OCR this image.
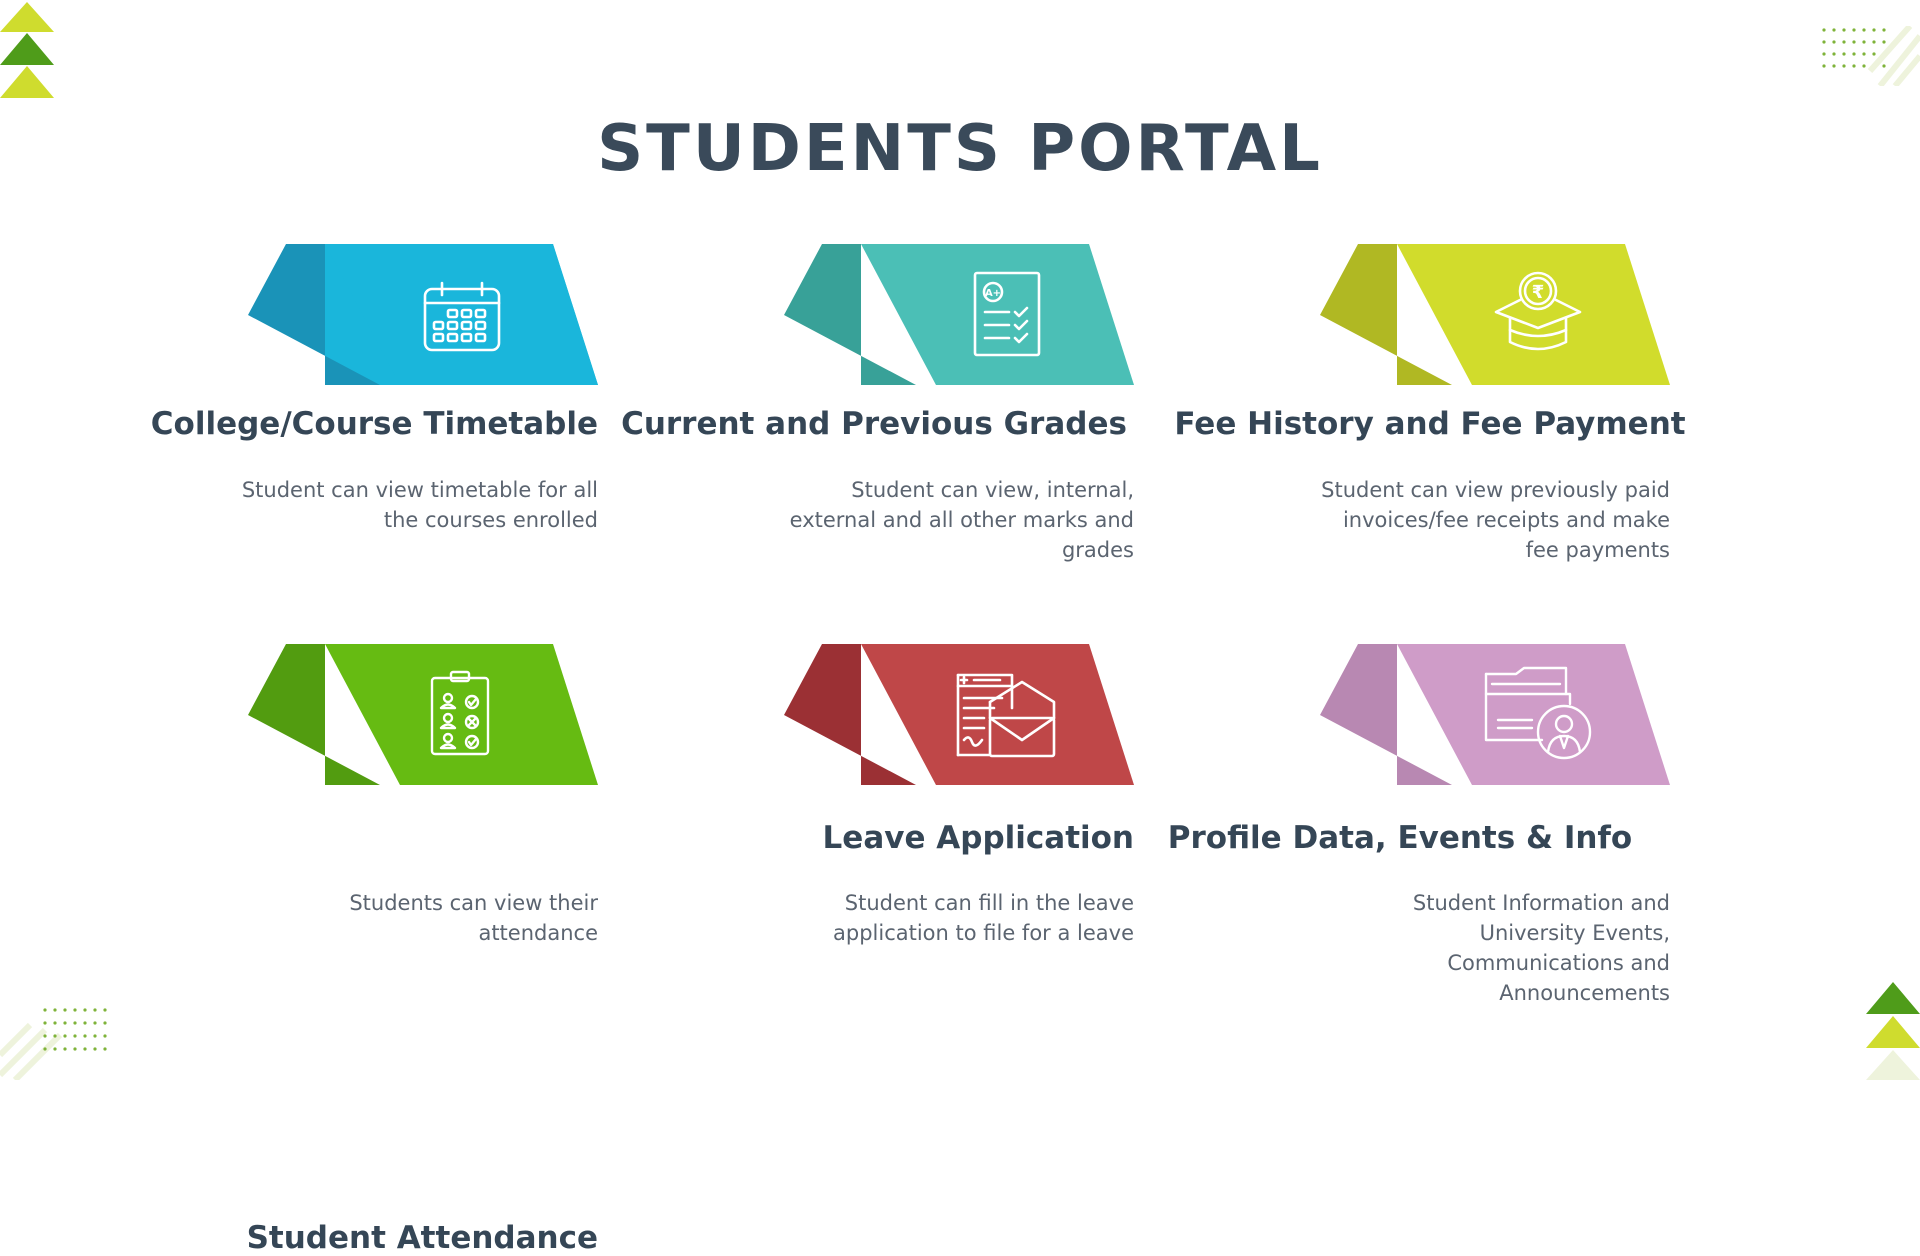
STUDENTS PORTAL
College/Course Timetable

Student can view timetable for all the courses enrolled

A+
Current and Previous Grades

Student can view, internal, external and all other marks and grades

₹
Fee History and Fee Payment

Student can view previously paid invoices/fee receipts and make fee payments

Student Attendance

Students can view their attendance

Leave Application

Student can fill in the leave application to file for a leave

Profile Data, Events & Info

Student Information and University Events, Communications and Announcements
